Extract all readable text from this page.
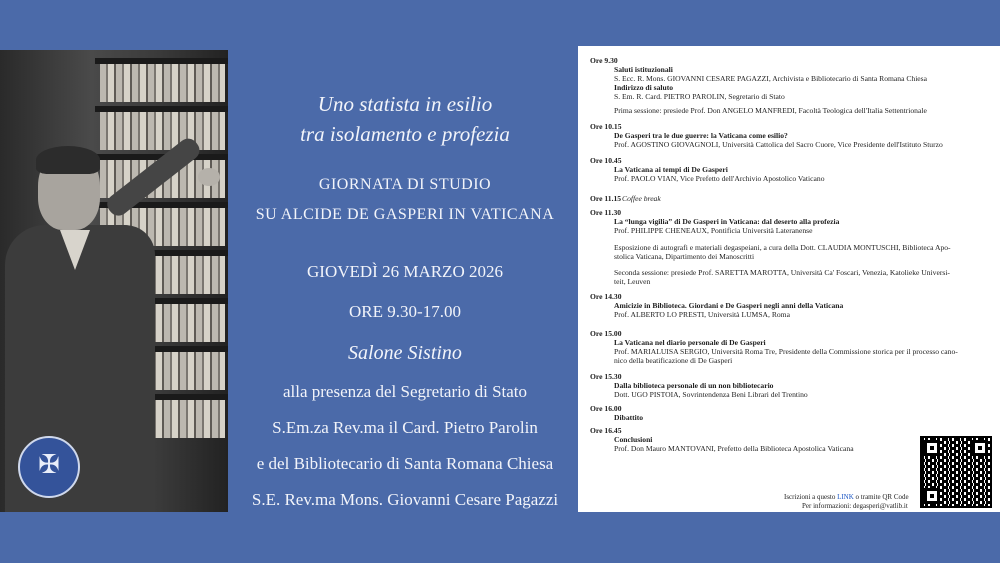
✠
Uno statista in esilio
tra isolamento e profezia
GIORNATA DI STUDIO
SU ALCIDE DE GASPERI IN VATICANA
GIOVEDÌ 26 MARZO 2026
ORE 9.30-17.00
Salone Sistino
alla presenza del Segretario di Stato
S.Em.za Rev.ma il Card. Pietro Parolin
e del Bibliotecario di Santa Romana Chiesa
S.E. Rev.ma Mons. Giovanni Cesare Pagazzi
Ore 9.30
Saluti istituzionali
S. Ecc. R. Mons. GIOVANNI CESARE PAGAZZI, Archivista e Bibliotecario di Santa Romana Chiesa
Indirizzo di saluto
S. Em. R. Card. PIETRO PAROLIN, Segretario di Stato
Prima sessione: presiede Prof. Don ANGELO MANFREDI, Facoltà Teologica dell'Italia Settentrionale
Ore 10.15
De Gasperi tra le due guerre: la Vaticana come esilio?
Prof. AGOSTINO GIOVAGNOLI, Università Cattolica del Sacro Cuore, Vice Presidente dell'Istituto Sturzo
Ore 10.45
La Vaticana ai tempi di De Gasperi
Prof. PAOLO VIAN, Vice Prefetto dell'Archivio Apostolico Vaticano
Ore 11.15
Ore 11.30
La “lunga vigilia” di De Gasperi in Vaticana: dal deserto alla profezia
Prof. PHILIPPE CHENEAUX, Pontificia Università Lateranense
Esposizione di autografi e materiali degaspeiani, a cura della Dott. CLAUDIA MONTUSCHI, Biblioteca Apo-
stolica Vaticana, Dipartimento dei Manoscritti
Seconda sessione: presiede Prof. SARETTA MAROTTA, Università Ca' Foscari, Venezia, Katolieke Universi-
teit, Leuven
Ore 14.30
Amicizie in Biblioteca. Giordani e De Gasperi negli anni della Vaticana
Prof. ALBERTO LO PRESTI, Università LUMSA, Roma
Ore 15.00
La Vaticana nel diario personale di De Gasperi
Prof. MARIALUISA SERGIO, Università Roma Tre, Presidente della Commissione storica per il processo cano-
nico della beatificazione di De Gasperi
Ore 15.30
Dalla biblioteca personale di un non bibliotecario
Dott. UGO PISTOIA, Sovrintendenza Beni Librari del Trentino
Ore 16.00
Dibattito
Ore 16.45
Conclusioni
Prof. Don Mauro MANTOVANI, Prefetto della Biblioteca Apostolica Vaticana
Coffee break
Iscrizioni a questo LINK o tramite QR Code
Per informazioni: degasperi@vatlib.it
